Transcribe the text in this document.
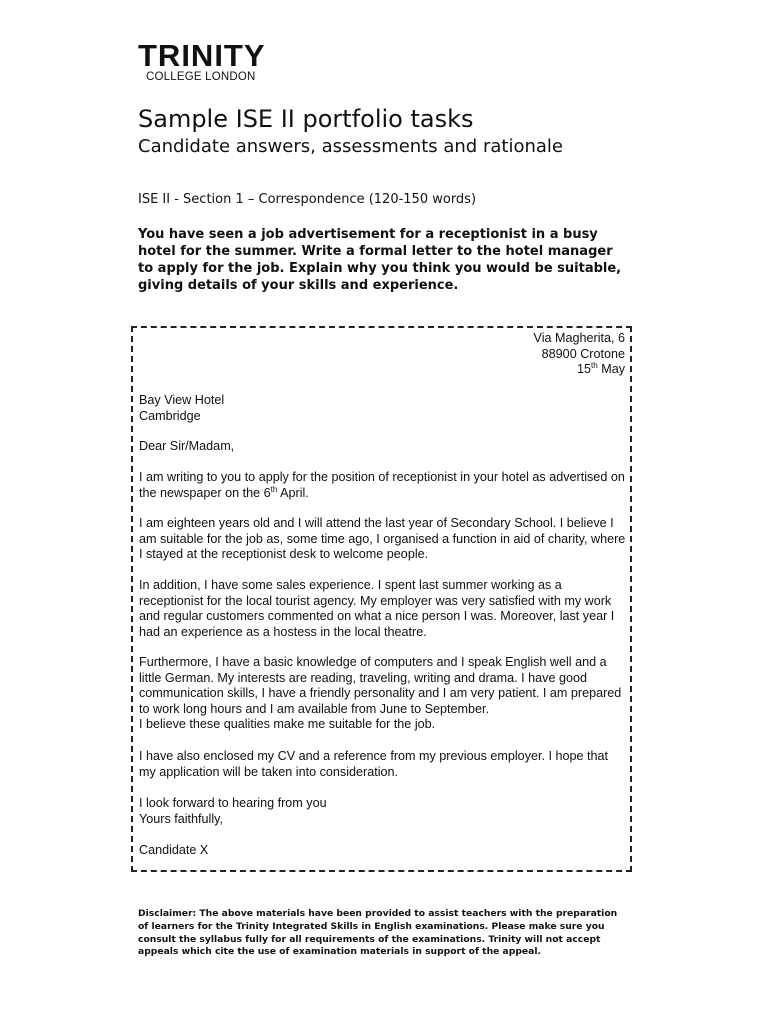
TRINITY
COLLEGE LONDON
Sample ISE II portfolio tasks
Candidate answers, assessments and rationale
ISE II - Section 1 – Correspondence (120-150 words)
You have seen a job advertisement for a receptionist in a busy hotel for the summer. Write a formal letter to the hotel manager to apply for the job. Explain why you think you would be suitable, giving details of your skills and experience.
Via Magherita, 6
88900 Crotone
15th May
Bay View Hotel
Cambridge
Dear Sir/Madam,
I am writing to you to apply for the position of receptionist in your hotel as advertised on the newspaper on the 6th April.
I am eighteen years old and I will attend the last year of Secondary School. I believe I am suitable for the job as, some time ago, I organised a function in aid of charity, where I stayed at the receptionist desk to welcome people.
In addition, I have some sales experience. I spent last summer working as a receptionist for the local tourist agency. My employer was very satisfied with my work and regular customers commented on what a nice person I was. Moreover, last year I had an experience as a hostess in the local theatre.
Furthermore, I have a basic knowledge of computers and I speak English well and a little German. My interests are reading, traveling, writing and drama. I have good communication skills, I have a friendly personality and I am very patient. I am prepared to work long hours and I am available from June to September.
I believe these qualities make me suitable for the job.
I have also enclosed my CV and a reference from my previous employer. I hope that my application will be taken into consideration.
I look forward to hearing from you
Yours faithfully,
Candidate X
Disclaimer: The above materials have been provided to assist teachers with the preparation of learners for the Trinity Integrated Skills in English examinations. Please make sure you consult the syllabus fully for all requirements of the examinations. Trinity will not accept appeals which cite the use of examination materials in support of the appeal.
